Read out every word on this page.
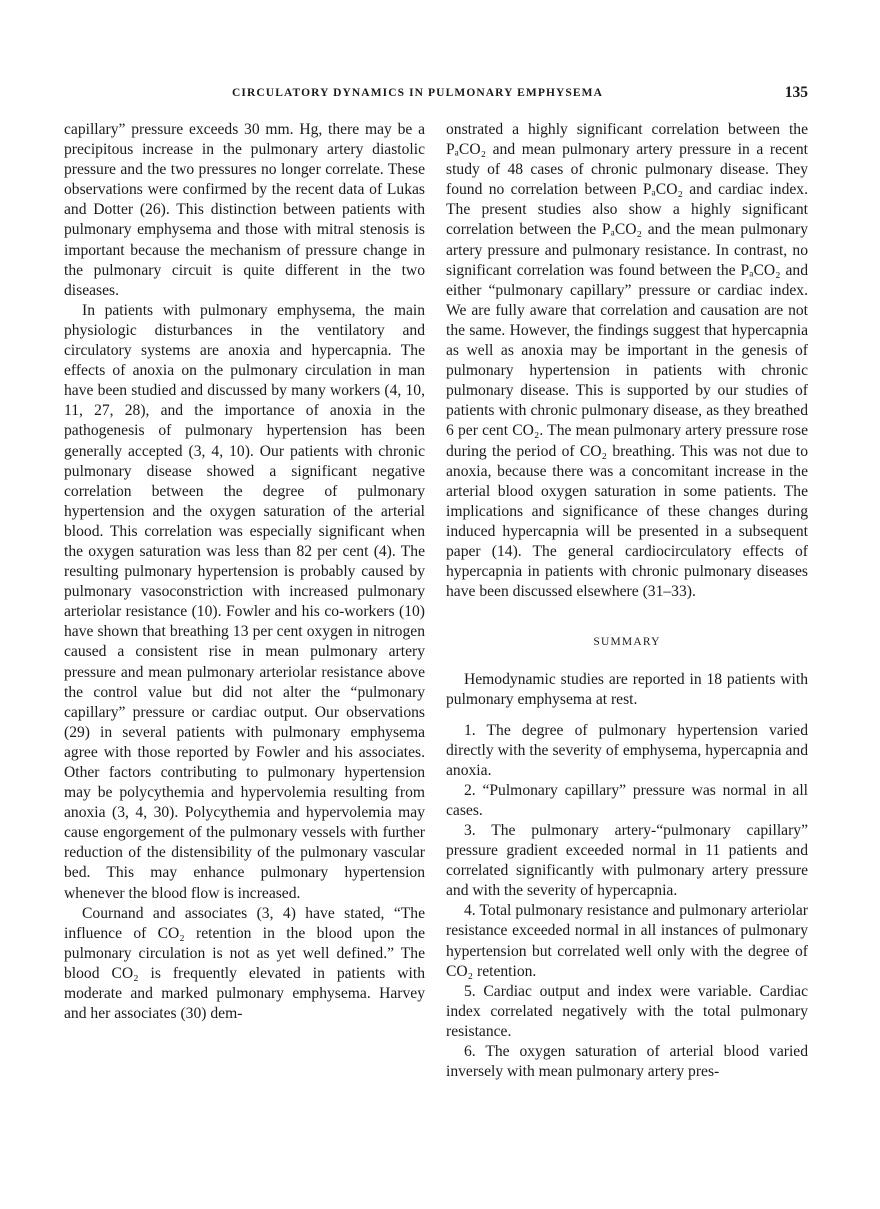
CIRCULATORY DYNAMICS IN PULMONARY EMPHYSEMA	135

capillary” pressure exceeds 30 mm. Hg, there may be a precipitous increase in the pulmonary artery diastolic pressure and the two pressures no longer correlate. These observations were confirmed by the recent data of Lukas and Dotter (26). This distinction between patients with pulmonary emphysema and those with mitral stenosis is important because the mechanism of pressure change in the pulmonary circuit is quite different in the two diseases.

In patients with pulmonary emphysema, the main physiologic disturbances in the ventilatory and circulatory systems are anoxia and hypercapnia. The effects of anoxia on the pulmonary circulation in man have been studied and discussed by many workers (4, 10, 11, 27, 28), and the importance of anoxia in the pathogenesis of pulmonary hypertension has been generally accepted (3, 4, 10). Our patients with chronic pulmonary disease showed a significant negative correlation between the degree of pulmonary hypertension and the oxygen saturation of the arterial blood. This correlation was especially significant when the oxygen saturation was less than 82 per cent (4). The resulting pulmonary hypertension is probably caused by pulmonary vasoconstriction with increased pulmonary arteriolar resistance (10). Fowler and his co-workers (10) have shown that breathing 13 per cent oxygen in nitrogen caused a consistent rise in mean pulmonary artery pressure and mean pulmonary arteriolar resistance above the control value but did not alter the “pulmonary capillary” pressure or cardiac output. Our observations (29) in several patients with pulmonary emphysema agree with those reported by Fowler and his associates. Other factors contributing to pulmonary hypertension may be polycythemia and hypervolemia resulting from anoxia (3, 4, 30). Polycythemia and hypervolemia may cause engorgement of the pulmonary vessels with further reduction of the distensibility of the pulmonary vascular bed. This may enhance pulmonary hypertension whenever the blood flow is increased.

Cournand and associates (3, 4) have stated, “The influence of CO₂ retention in the blood upon the pulmonary circulation is not as yet well defined.” The blood CO₂ is frequently elevated in patients with moderate and marked pulmonary emphysema. Harvey and her associates (30) dem-

onstrated a highly significant correlation between the PₐCO₂ and mean pulmonary artery pressure in a recent study of 48 cases of chronic pulmonary disease. They found no correlation between PₐCO₂ and cardiac index. The present studies also show a highly significant correlation between the PₐCO₂ and the mean pulmonary artery pressure and pulmonary resistance. In contrast, no significant correlation was found between the PₐCO₂ and either “pulmonary capillary” pressure or cardiac index. We are fully aware that correlation and causation are not the same. However, the findings suggest that hypercapnia as well as anoxia may be important in the genesis of pulmonary hypertension in patients with chronic pulmonary disease. This is supported by our studies of patients with chronic pulmonary disease, as they breathed 6 per cent CO₂. The mean pulmonary artery pressure rose during the period of CO₂ breathing. This was not due to anoxia, because there was a concomitant increase in the arterial blood oxygen saturation in some patients. The implications and significance of these changes during induced hypercapnia will be presented in a subsequent paper (14). The general cardiocirculatory effects of hypercapnia in patients with chronic pulmonary diseases have been discussed elsewhere (31–33).

SUMMARY

Hemodynamic studies are reported in 18 patients with pulmonary emphysema at rest.

1. The degree of pulmonary hypertension varied directly with the severity of emphysema, hypercapnia and anoxia.

2. “Pulmonary capillary” pressure was normal in all cases.

3. The pulmonary artery-“pulmonary capillary” pressure gradient exceeded normal in 11 patients and correlated significantly with pulmonary artery pressure and with the severity of hypercapnia.

4. Total pulmonary resistance and pulmonary arteriolar resistance exceeded normal in all instances of pulmonary hypertension but correlated well only with the degree of CO₂ retention.

5. Cardiac output and index were variable. Cardiac index correlated negatively with the total pulmonary resistance.

6. The oxygen saturation of arterial blood varied inversely with mean pulmonary artery pres-
